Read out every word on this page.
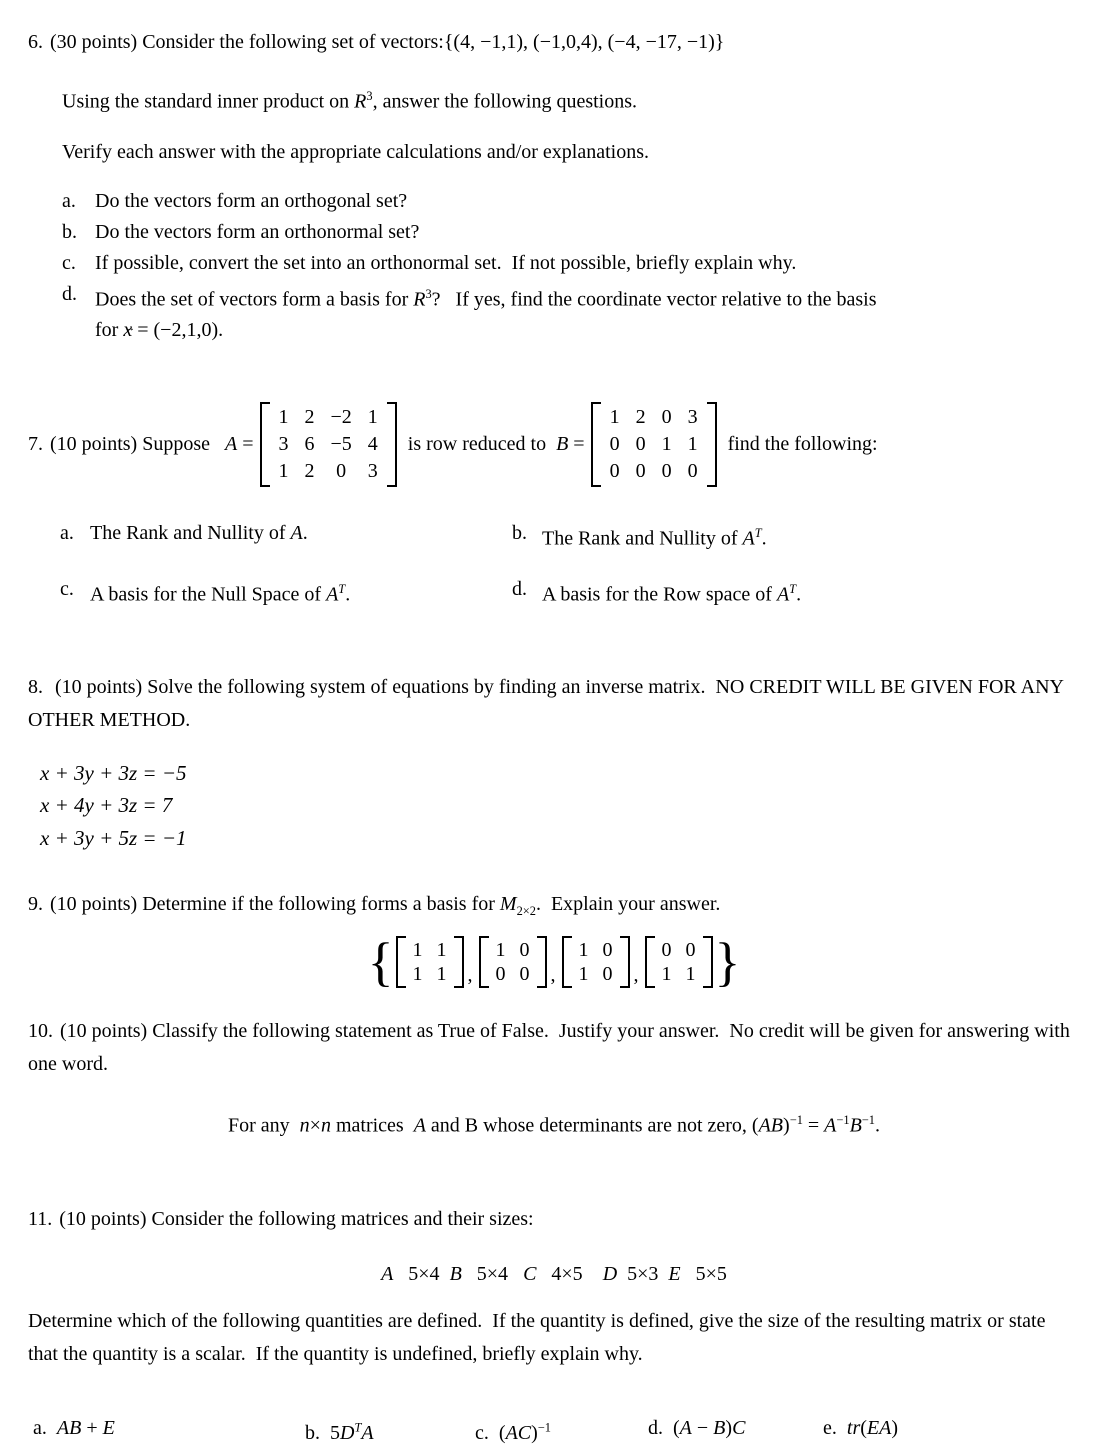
6. (30 points) Consider the following set of vectors:{(4, −1,1), (−1,0,4), (−4, −17, −1)}
Using the standard inner product on $R^3$, answer the following questions.
Verify each answer with the appropriate calculations and/or explanations.
a. Do the vectors form an orthogonal set?
b. Do the vectors form an orthonormal set?
c. If possible, convert the set into an orthonormal set.  If not possible, briefly explain why.
d. Does the set of vectors form a basis for $R^3$?   If yes, find the coordinate vector relative to the basis
for x → = (−2,1,0).
7. (10 points) Suppose   A =
1 2 −2 1
3 6 −5 4
1 2 0 3
is row reduced to  B =
1 2 0 3
0 0 1 1
0 0 0 0
find the following:
a. The Rank and Nullity of A.	b. The Rank and Nullity of $A^T$.
c. A basis for the Null Space of $A^T$.	d. A basis for the Row space of $A^T$.
8. (10 points) Solve the following system of equations by finding an inverse matrix.  NO CREDIT WILL BE GIVEN FOR ANY OTHER METHOD.
x + 3y + 3z = −5
x + 4y + 3z = 7
x + 3y + 5z = −1
9. (10 points) Determine if the following forms a basis for $M_{2\times 2}$.  Explain your answer.
{ 1 1
1 1 ,
1 0
0 0 ,
1 0
1 0 ,
0 0
1 1 }
10. (10 points) Classify the following statement as True of False.  Justify your answer.  No credit will be given for answering with one word.
For any  n×n matrices  A and B whose determinants are not zero, $(AB)^{-1} = A^{-1}B^{-1}$.
11. (10 points) Consider the following matrices and their sizes:
A   5×4  B   5×4   C   4×5    D  5×3  E   5×5
Determine which of the following quantities are defined.  If the quantity is defined, give the size of the resulting matrix or state that the quantity is a scalar.  If the quantity is undefined, briefly explain why.
a. AB + E	b. $5D^TA$	c. (AC)$^{-1}$	d. (A − B)C	e. tr(EA)
